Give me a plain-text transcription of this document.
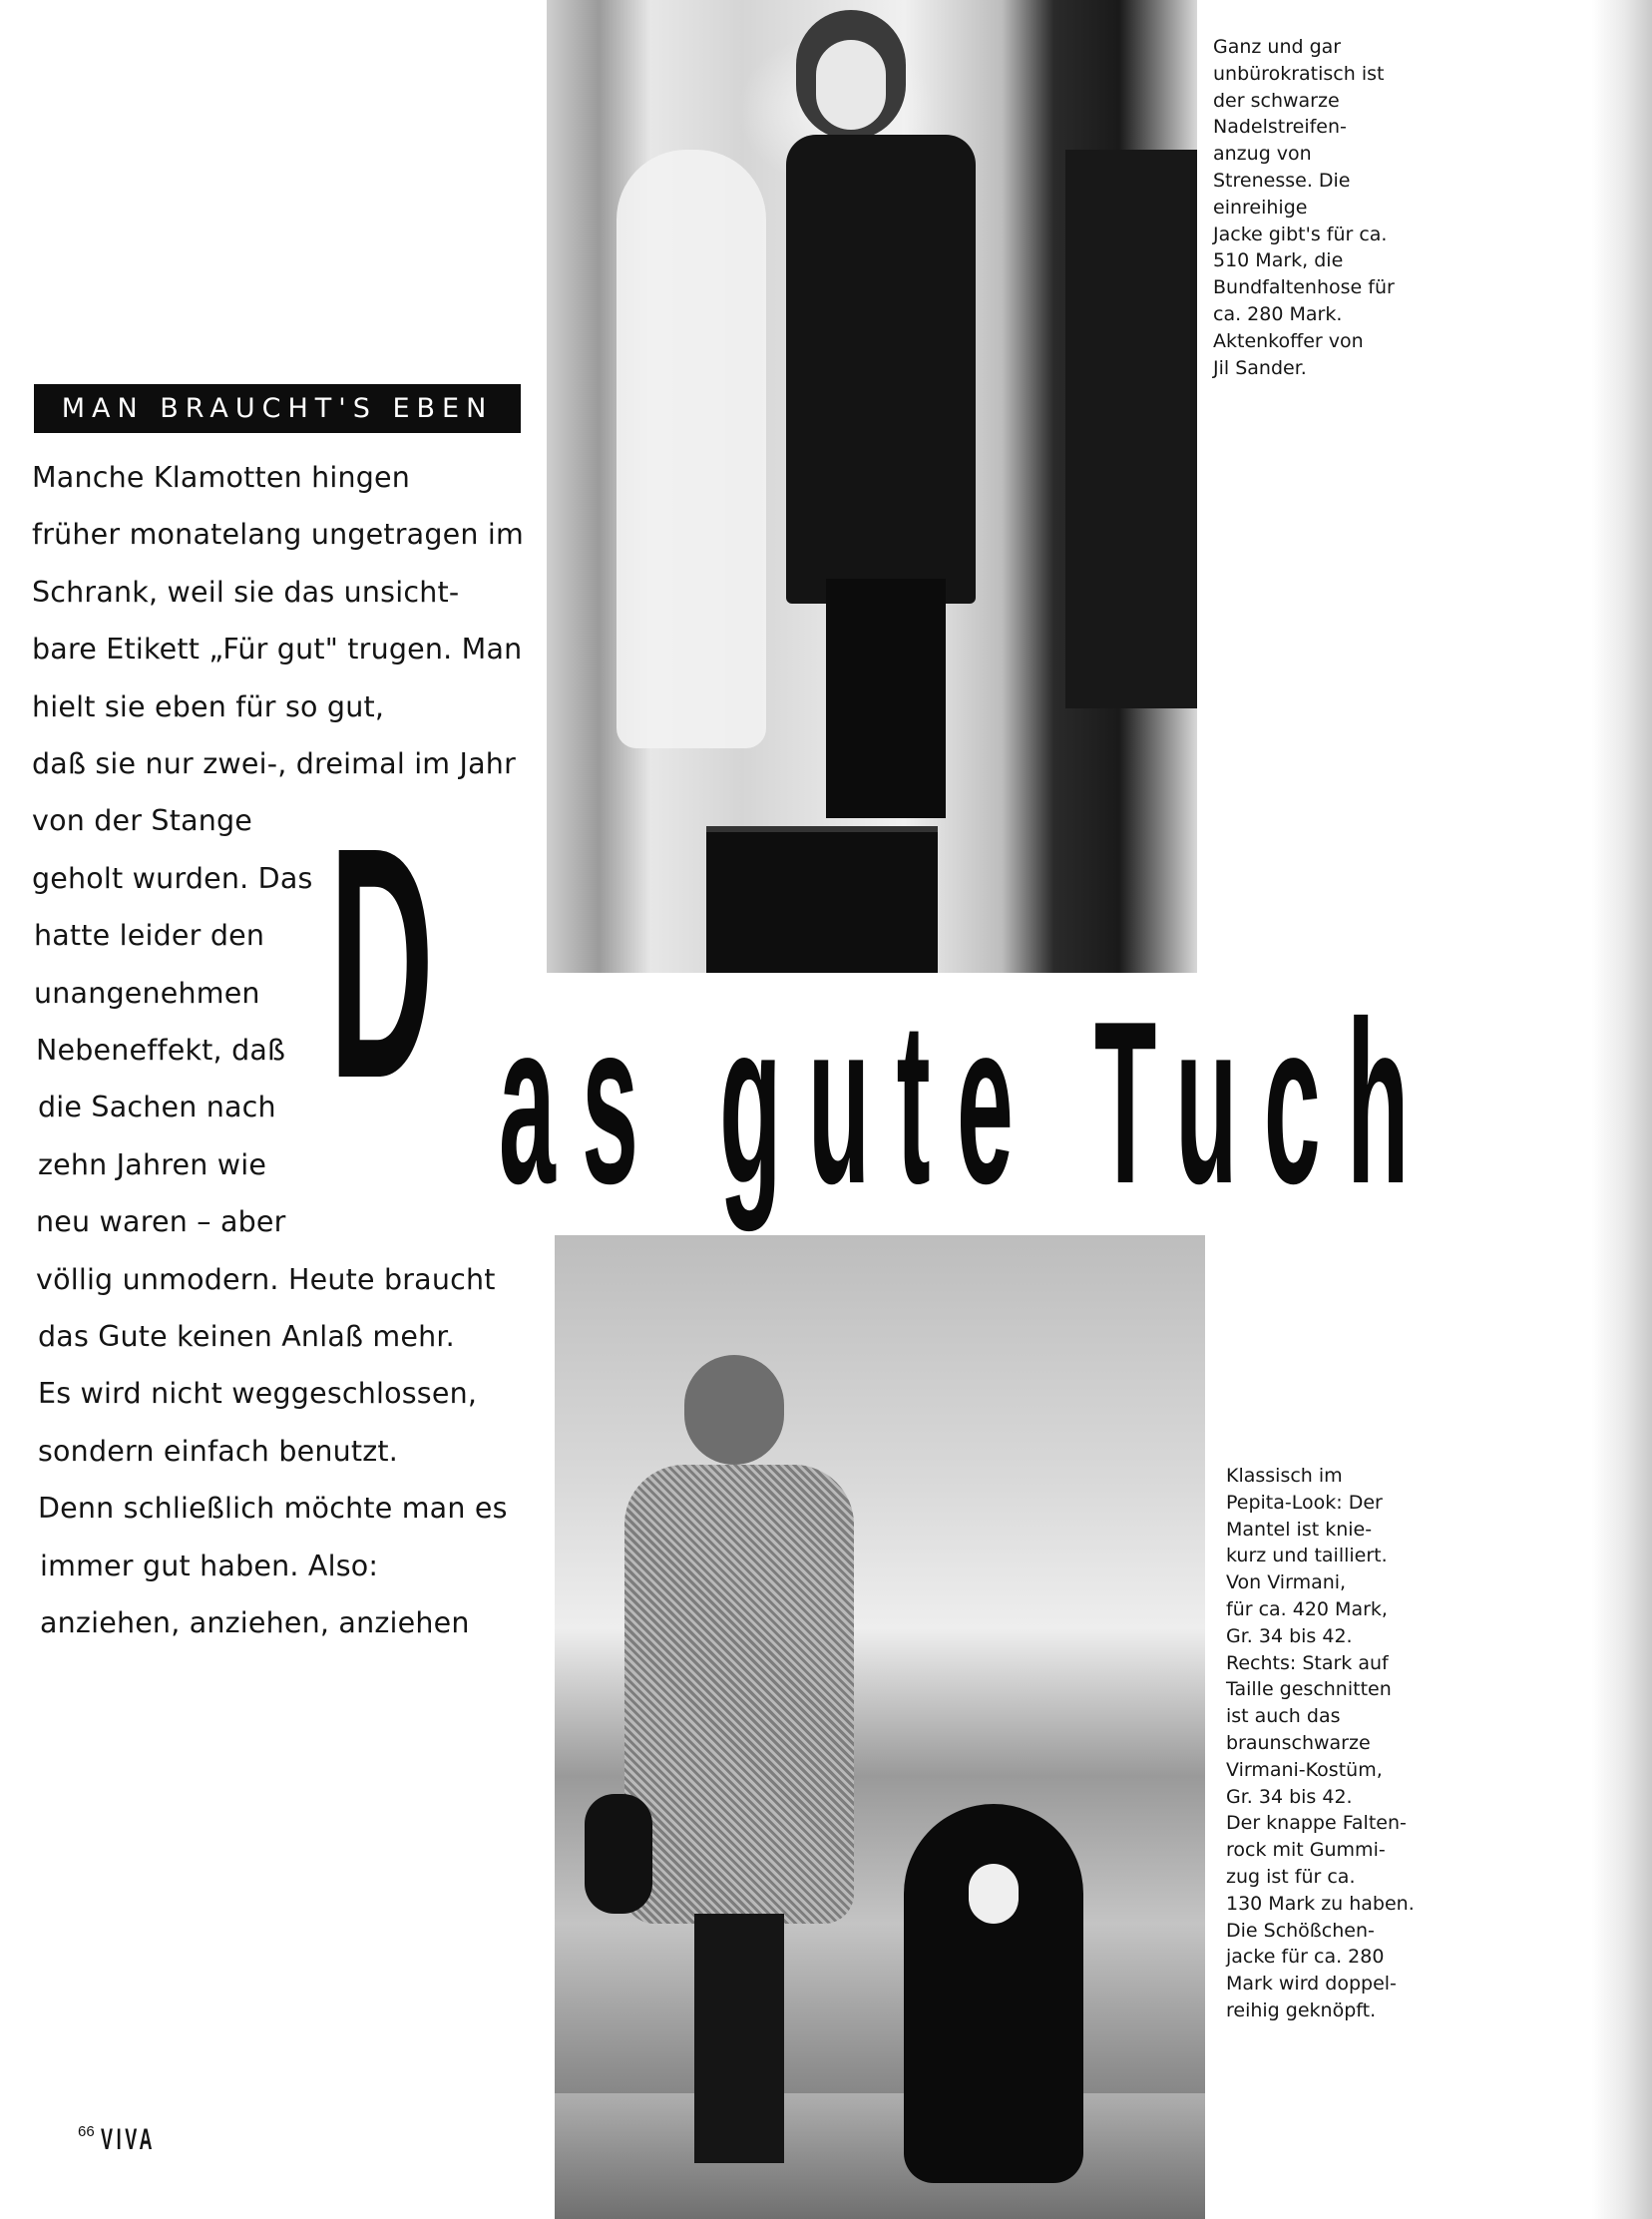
MAN BRAUCHT'S EBEN
Manche Klamotten hingen
früher monatelang ungetragen im
Schrank, weil sie das unsicht-
bare Etikett „Für gut" trugen. Man
hielt sie eben für so gut,
daß sie nur zwei-, dreimal im Jahr
von der Stange
geholt wurden. Das
hatte leider den
unangenehmen
Nebeneffekt, daß
die Sachen nach
zehn Jahren wie
neu waren – aber
völlig unmodern. Heute braucht
das Gute keinen Anlaß mehr.
Es wird nicht weggeschlossen,
sondern einfach benutzt.
Denn schließlich möchte man es
immer gut haben. Also:
anziehen, anziehen, anziehen
D as gute Tuch
Ganz und gar
unbürokratisch ist
der schwarze
Nadelstreifen-
anzug von
Strenesse. Die
einreihige
Jacke gibt's für ca.
510 Mark, die
Bundfaltenhose für
ca. 280 Mark.
Aktenkoffer von
Jil Sander.
Klassisch im
Pepita-Look: Der
Mantel ist knie-
kurz und tailliert.
Von Virmani,
für ca. 420 Mark,
Gr. 34 bis 42.
Rechts: Stark auf
Taille geschnitten
ist auch das
braunschwarze
Virmani-Kostüm,
Gr. 34 bis 42.
Der knappe Falten-
rock mit Gummi-
zug ist für ca.
130 Mark zu haben.
Die Schößchen-
jacke für ca. 280
Mark wird doppel-
reihig geknöpft.
66 VIVA
